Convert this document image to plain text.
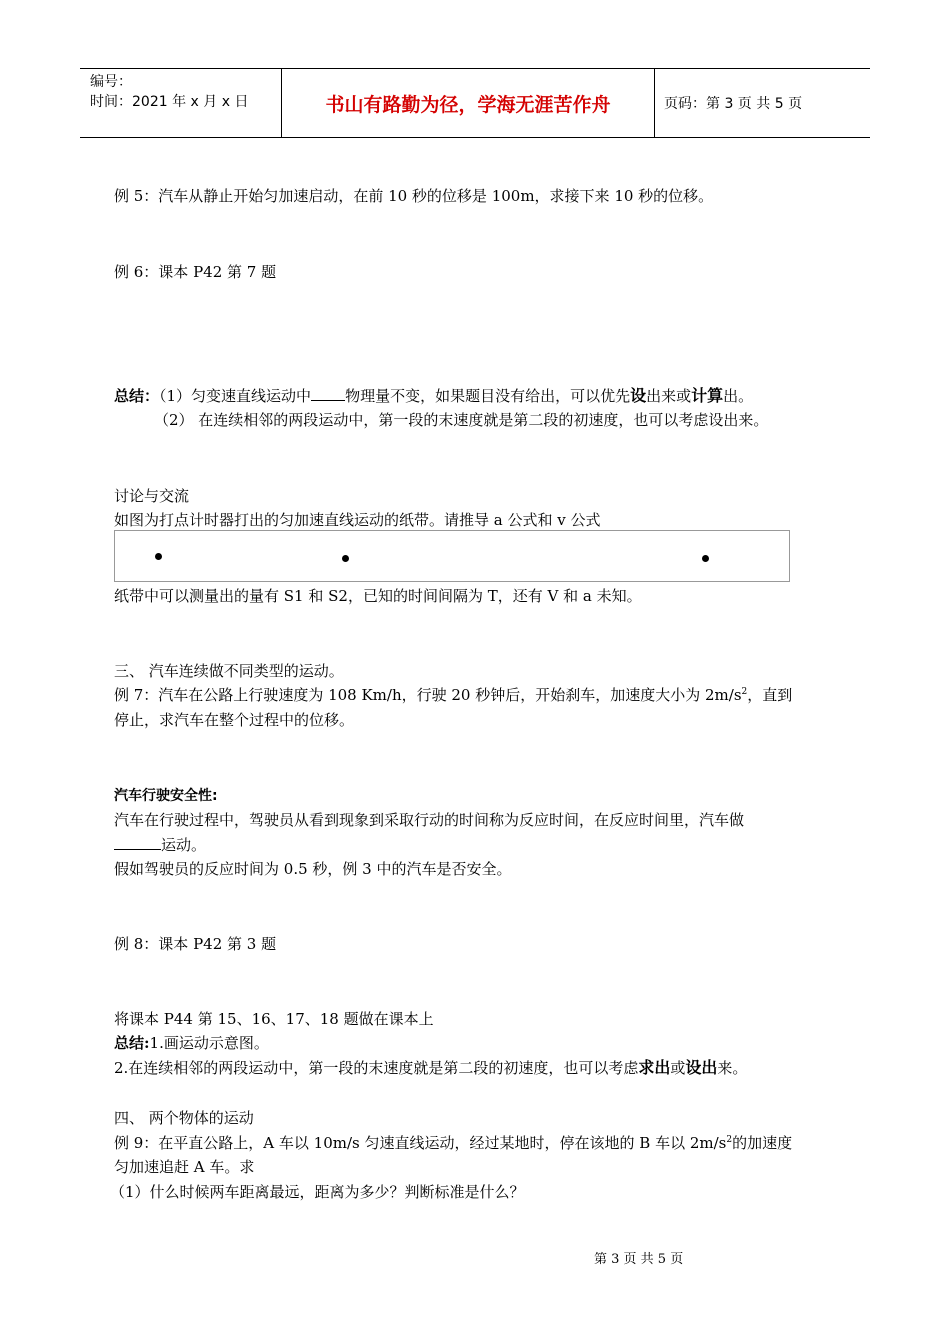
编号：
时间：2021 年 x 月 x 日	书山有路勤为径，学海无涯苦作舟	页码：第 3 页 共 5 页
例 5：汽车从静止开始匀加速启动，在前 10 秒的位移是 100m，求接下来 10 秒的位移。
例 6：课本 P42 第 7 题
总结：（1）匀变速直线运动中 物理量不变，如果题目没有给出，可以优先设出来或计算出。
（2） 在连续相邻的两段运动中，第一段的末速度就是第二段的初速度，也可以考虑设出来。
讨论与交流
如图为打点计时器打出的匀加速直线运动的纸带。请推导 a 公式和 v 公式
纸带中可以测量出的量有 S1 和 S2，已知的时间间隔为 T，还有 V 和 a 未知。
三、 汽车连续做不同类型的运动。
例 7：汽车在公路上行驶速度为 108 Km/h，行驶 20 秒钟后，开始刹车，加速度大小为 $2m/s^2$，直到
停止，求汽车在整个过程中的位移。
汽车行驶安全性:
汽车在行驶过程中，驾驶员从看到现象到采取行动的时间称为反应时间，在反应时间里，汽车做
运动。
假如驾驶员的反应时间为 0.5 秒，例 3 中的汽车是否安全。
例 8：课本 P42 第 3 题
将课本 P44 第 15、16、17、18 题做在课本上
总结:1.画运动示意图。
2.在连续相邻的两段运动中，第一段的末速度就是第二段的初速度，也可以考虑求出或设出来。
四、 两个物体的运动
例 9：在平直公路上，A 车以 10m/s 匀速直线运动，经过某地时，停在该地的 B 车以 $2m/s^2$的加速度
匀加速追赶 A 车。求
（1）什么时候两车距离最远，距离为多少？判断标准是什么？
第 3 页 共 5 页
